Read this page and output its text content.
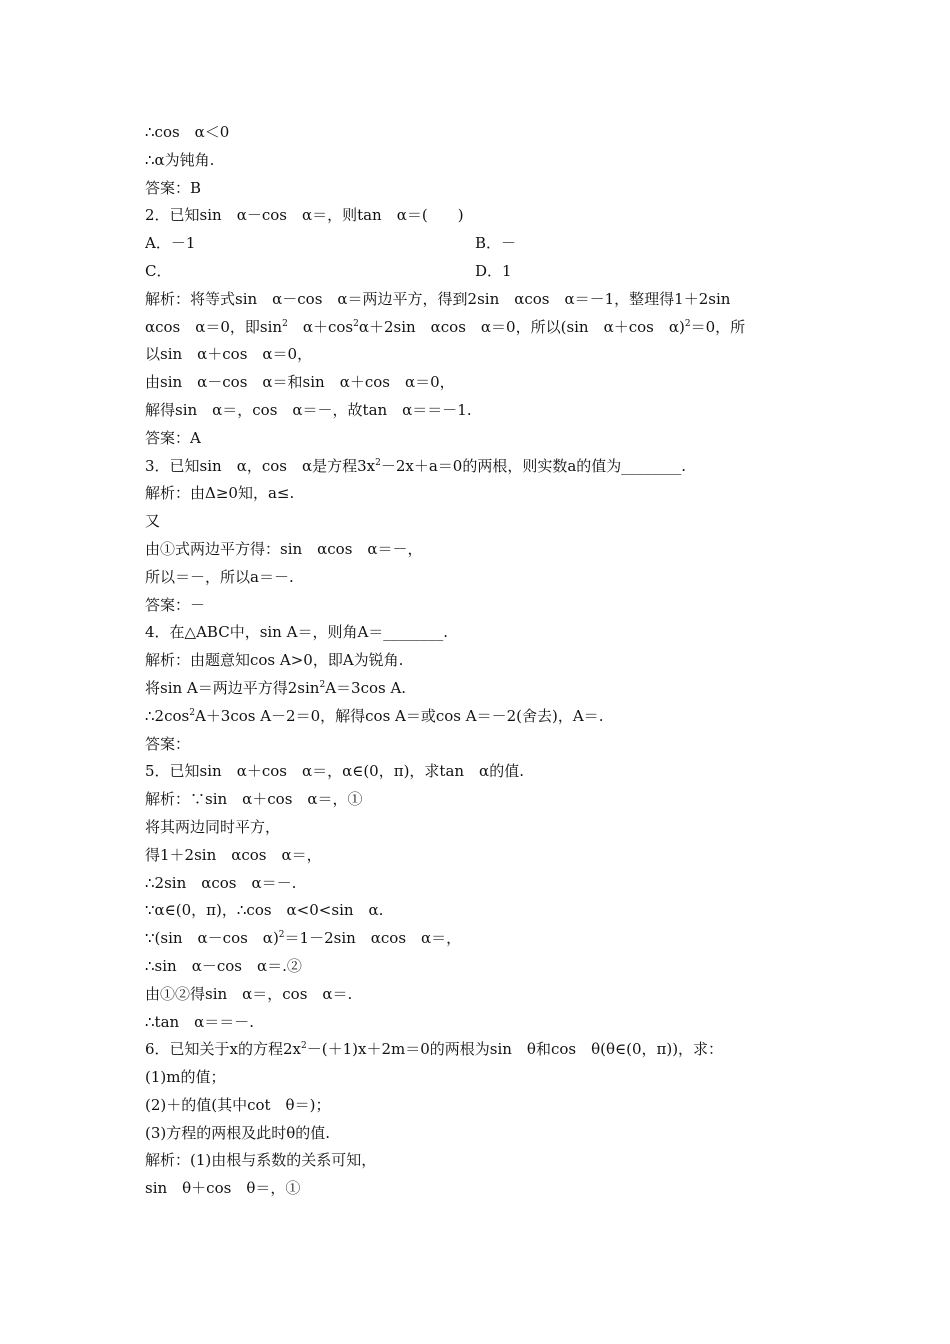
∴cos　α＜0
∴α为钝角.
答案：B
2．已知sin　α－cos　α＝，则tan　α＝(　　)
A．－1	B．－
C．	D．1
解析：将等式sin　α－cos　α＝两边平方，得到2sin　αcos　α＝－1，整理得1＋2sin
αcos　α＝0，即$\sin^2$　$\alpha+\cos^2\alpha+2\sin$　αcos　α＝0，所以(sin　α＋cos　α)$^2$＝0，所
以sin　α＋cos　α＝0，
由sin　α－cos　α＝和sin　α＋cos　α＝0，
解得sin　α＝，cos　α＝－，故tan　α＝＝－1.
答案：A
3．已知sin　α，cos　α是方程$3x^2-2x+a=0$的两根，则实数a的值为________.
解析：由Δ≥0知，a≤.
又
由①式两边平方得：sin　αcos　α＝－，
所以＝－，所以a＝－.
答案：－
4．在△ABC中，sin A＝，则角A＝________.
解析：由题意知cos A>0，即A为锐角.
将sin A＝两边平方得$2\sin^2A=3\cos$ A.
$\therefore 2\cos^2A+3\cos$ A－2＝0，解得cos A＝或cos A＝－2(舍去)，A＝.
答案：
5．已知sin　α＋cos　α＝，α∈(0，π)，求tan　α的值.
解析：∵sin　α＋cos　α＝，①
将其两边同时平方，
得1＋2sin　αcos　α＝，
∴2sin　αcos　α＝－.
∵α∈(0，π)，∴cos　α<0<sin　α.
∵(sin　α－cos　α)$^2$＝1－2sin　αcos　α＝，
∴sin　α－cos　α＝.②
由①②得sin　α＝，cos　α＝.
∴tan　α＝＝－.
6．已知关于x的方程$2x^2-(+1)x+2m=0$的两根为sin　θ和cos　θ(θ∈(0，π))，求：
(1)m的值；
(2)＋的值(其中cot　θ＝)；
(3)方程的两根及此时θ的值.
解析：(1)由根与系数的关系可知，
sin　θ＋cos　θ＝，①
